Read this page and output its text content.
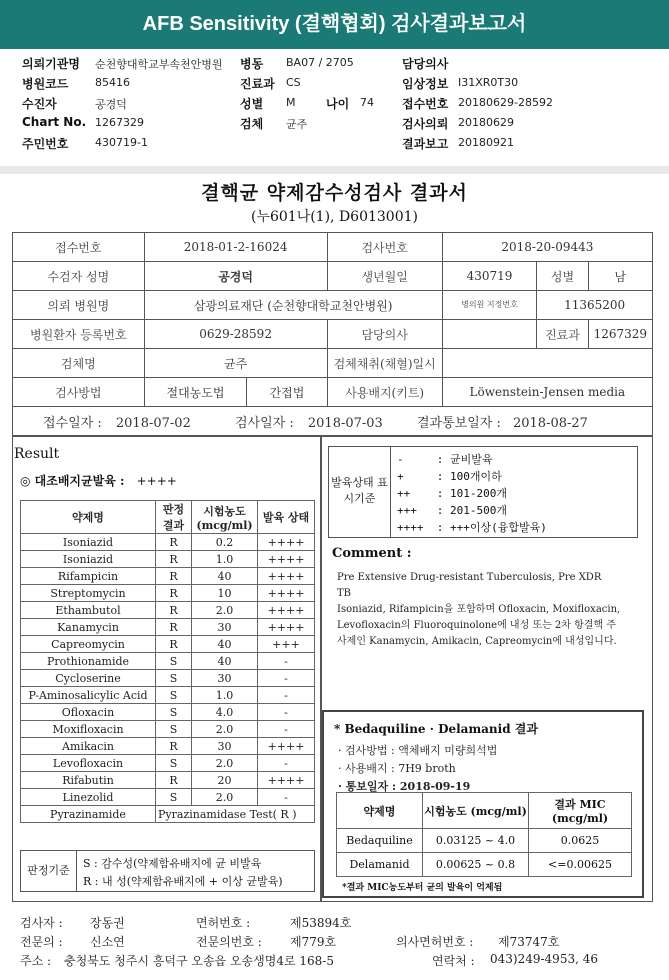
AFB Sensitivity (결핵협회) 검사결과보고서
의뢰기관명 순천향대학교부속천안병원 병동 BA07 / 2705	담당의사
병원코드 85416	진료과 CS	임상정보 I31XR0T30
수진자	공경덕	성별 M	나이 74 접수번호 20180629-28592
Chart No. 1267329	검체 균주	검사의뢰 20180629
주민번호 430719-1	결과보고 20180921
결핵균 약제감수성검사 결과서
(누601나(1), D6013001)
접수번호	2018-01-2-16024		검사번호	2018-20-09443		
수검자 성명	공경덕		생년월일	430719	성별	남
의뢰 병원명	삼광의료재단 (순천향대학교천안병원)			병의원 지정번호	11365200	
병원환자 등록번호	0629-28592		담당의사		진료과	1267329
검체명	균주		검체채취(채혈)일시			
검사방법	절대농도법	간접법	사용배지(키트)	Löwenstein-Jensen media		
접수일자 : 2018-07-02 검사일자 : 2018-07-03 결과통보일자 : 2018-08-27						
Result
◎ 대조배지균발육 : ++++
약제명	판정 결과	시험농도 (mcg/ml)	발육 상태
Isoniazid	R	0.2	++++
Isoniazid	R	1.0	++++
Rifampicin	R	40	++++
Streptomycin	R	10	++++
Ethambutol	R	2.0	++++
Kanamycin	R	30	++++
Capreomycin	R	40	+++
Prothionamide	S	40	-
Cycloserine	S	30	-
P-Aminosalicylic Acid	S	1.0	-
Ofloxacin	S	4.0	-
Moxifloxacin	S	2.0	-
Amikacin	R	30	++++
Levofloxacin	S	2.0	-
Rifabutin	R	20	++++
Linezolid	S	2.0	-
Pyrazinamide	Pyrazinamidase Test( R )		
판정기준
S : 감수성(약제함유배지에 균 비발육
R : 내 성(약제함유배지에 + 이상 균발육)
발육상태 표시기준
-     : 균비발육
+     : 100개이하
++    : 101-200개
+++   : 201-500개
++++  : +++이상(융합발육)
Comment :
Pre Extensive Drug-resistant Tuberculosis, Pre XDR
TB
Isoniazid, Rifampicin을 포함하며 Ofloxacin, Moxifloxacin,
Levofloxacin의 Fluoroquinolone에 내성 또는 2차 항결핵 주
사제인 Kanamycin, Amikacin, Capreomycin에 내성입니다.
* Bedaquiline · Delamanid 결과
· 검사방법 : 액체배지 미량희석법
· 사용배지 : 7H9 broth
· 통보일자 : 2018-09-19
약제명	시험농도 (mcg/ml)	결과 MIC (mcg/ml)
Bedaquiline	0.03125 ~ 4.0	0.0625
Delamanid	0.00625 ~ 0.8	<=0.00625
*결과 MIC농도부터 균의 발육이 억제됨
검사자 : 장동권	면허번호 :	제53894호
전문의 : 신소연	전문의번호 : 제779호	의사면허번호 : 제73747호
주소 : 충청북도 청주시 흥덕구 오송읍 오송생명4로 168-5	연락처 : 043)249-4953, 46
